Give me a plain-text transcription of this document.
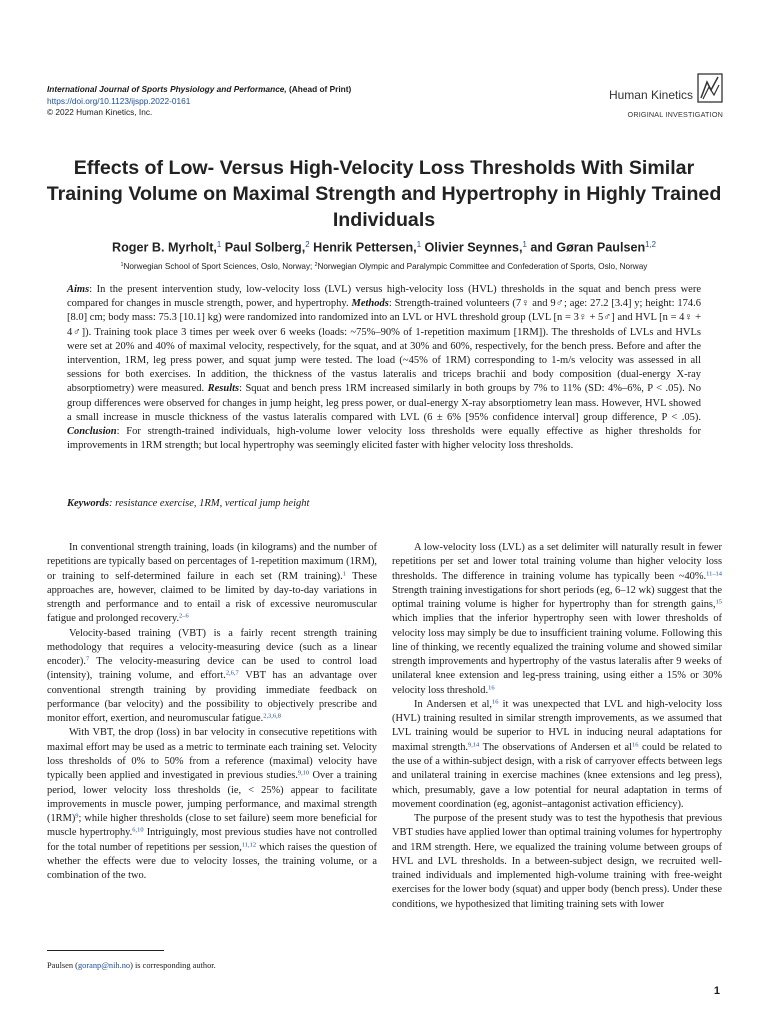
International Journal of Sports Physiology and Performance, (Ahead of Print)
https://doi.org/10.1123/ijspp.2022-0161
© 2022 Human Kinetics, Inc.
Human Kinetics
ORIGINAL INVESTIGATION
Effects of Low- Versus High-Velocity Loss Thresholds With Similar Training Volume on Maximal Strength and Hypertrophy in Highly Trained Individuals
Roger B. Myrholt,$^1$ Paul Solberg,$^2$ Henrik Pettersen,$^1$ Olivier Seynnes,$^1$ and Gøran Paulsen$^{1,2}$
$^1$Norwegian School of Sport Sciences, Oslo, Norway; $^2$Norwegian Olympic and Paralympic Committee and Confederation of Sports, Oslo, Norway
Aims: In the present intervention study, low-velocity loss (LVL) versus high-velocity loss (HVL) thresholds in the squat and bench press were compared for changes in muscle strength, power, and hypertrophy. Methods: Strength-trained volunteers (7♀ and 9♂; age: 27.2 [3.4] y; height: 174.6 [8.0] cm; body mass: 75.3 [10.1] kg) were randomized into randomized into an LVL or HVL threshold group (LVL [n = 3♀ + 5♂] and HVL [n = 4♀ + 4♂]). Training took place 3 times per week over 6 weeks (loads: ~75%–90% of 1-repetition maximum [1RM]). The thresholds of LVLs and HVLs were set at 20% and 40% of maximal velocity, respectively, for the squat, and at 30% and 60%, respectively, for the bench press. Before and after the intervention, 1RM, leg press power, and squat jump were tested. The load (~45% of 1RM) corresponding to 1-m/s velocity was assessed in all sessions for both exercises. In addition, the thickness of the vastus lateralis and triceps brachii and body composition (dual-energy X-ray absorptiometry) were measured. Results: Squat and bench press 1RM increased similarly in both groups by 7% to 11% (SD: 4%–6%, P < .05). No group differences were observed for changes in jump height, leg press power, or dual-energy X-ray absorptiometry lean mass. However, HVL showed a small increase in muscle thickness of the vastus lateralis compared with LVL (6 ± 6% [95% confidence interval] group difference, P < .05). Conclusion: For strength-trained individuals, high-volume lower velocity loss thresholds were equally effective as higher thresholds for improvements in 1RM strength; but local hypertrophy was seemingly elicited faster with higher velocity loss thresholds.
Keywords: resistance exercise, 1RM, vertical jump height

In conventional strength training, loads (in kilograms) and the number of repetitions are typically based on percentages of 1-repetition maximum (1RM), or training to self-determined failure in each set (RM training).$^1$ These approaches are, however, claimed to be limited by day-to-day variations in strength and performance and to entail a risk of excessive neuromuscular fatigue and prolonged recovery.$^{2-6}$

Velocity-based training (VBT) is a fairly recent strength training methodology that requires a velocity-measuring device (such as a linear encoder).$^7$ The velocity-measuring device can be used to control load (intensity), training volume, and effort.$^{2,6,7}$ VBT has an advantage over conventional strength training by providing immediate feedback on performance (bar velocity) and the possibility to objectively prescribe and monitor effort, exertion, and neuromuscular fatigue.$^{2,3,6,8}$

With VBT, the drop (loss) in bar velocity in consecutive repetitions with maximal effort may be used as a metric to terminate each training set. Velocity loss thresholds of 0% to 50% from a reference (maximal) velocity have typically been applied and investigated in previous studies.$^{9,10}$ Over a training period, lower velocity loss thresholds (ie, < 25%) appear to facilitate improvements in muscle power, jumping performance, and maximal strength $(1RM)^9$; while higher thresholds (close to set failure) seem more beneficial for muscle hypertrophy.$^{6,10}$ Intriguingly, most previous studies have not controlled for the total number of repetitions per session,$^{11,12}$ which raises the question of whether the effects were due to velocity losses, the training volume, or a combination of the two.

A low-velocity loss (LVL) as a set delimiter will naturally result in fewer repetitions per set and lower total training volume than higher velocity loss thresholds. The difference in training volume has typically been ~40%.$^{11-14}$ Strength training investigations for short periods (eg, 6–12 wk) suggest that the optimal training volume is higher for hypertrophy than for strength gains,$^{15}$ which implies that the inferior hypertrophy seen with lower thresholds of velocity loss may simply be due to insufficient training volume. Following this line of thinking, we recently equalized the training volume and showed similar strength improvements and hypertrophy of the vastus lateralis after 9 weeks of unilateral knee extension and leg-press training, using either a 15% or 30% velocity loss threshold.$^{16}$

In Andersen et al,$^{16}$ it was unexpected that LVL and high-velocity loss (HVL) training resulted in similar strength improvements, as we assumed that LVL training would be superior to HVL in inducing neural adaptations for maximal strength.$^{9,14}$ The observations of Andersen et $al^{16}$ could be related to the use of a within-subject design, with a risk of carryover effects between legs and unilateral training in exercise machines (knee extensions and leg press), which, presumably, gave a low potential for neural adaptation in terms of movement coordination (eg, agonist–antagonist activation efficiency).

The purpose of the present study was to test the hypothesis that previous VBT studies have applied lower than optimal training volumes for hypertrophy and 1RM strength. Here, we equalized the training volume between groups of HVL and LVL thresholds. In a between-subject design, we recruited well-trained individuals and implemented high-volume training with free-weight exercises for the lower body (squat) and upper body (bench press). Under these conditions, we hypothesized that limiting training sets with lower

Paulsen (goranp@nih.no) is corresponding author.
1
